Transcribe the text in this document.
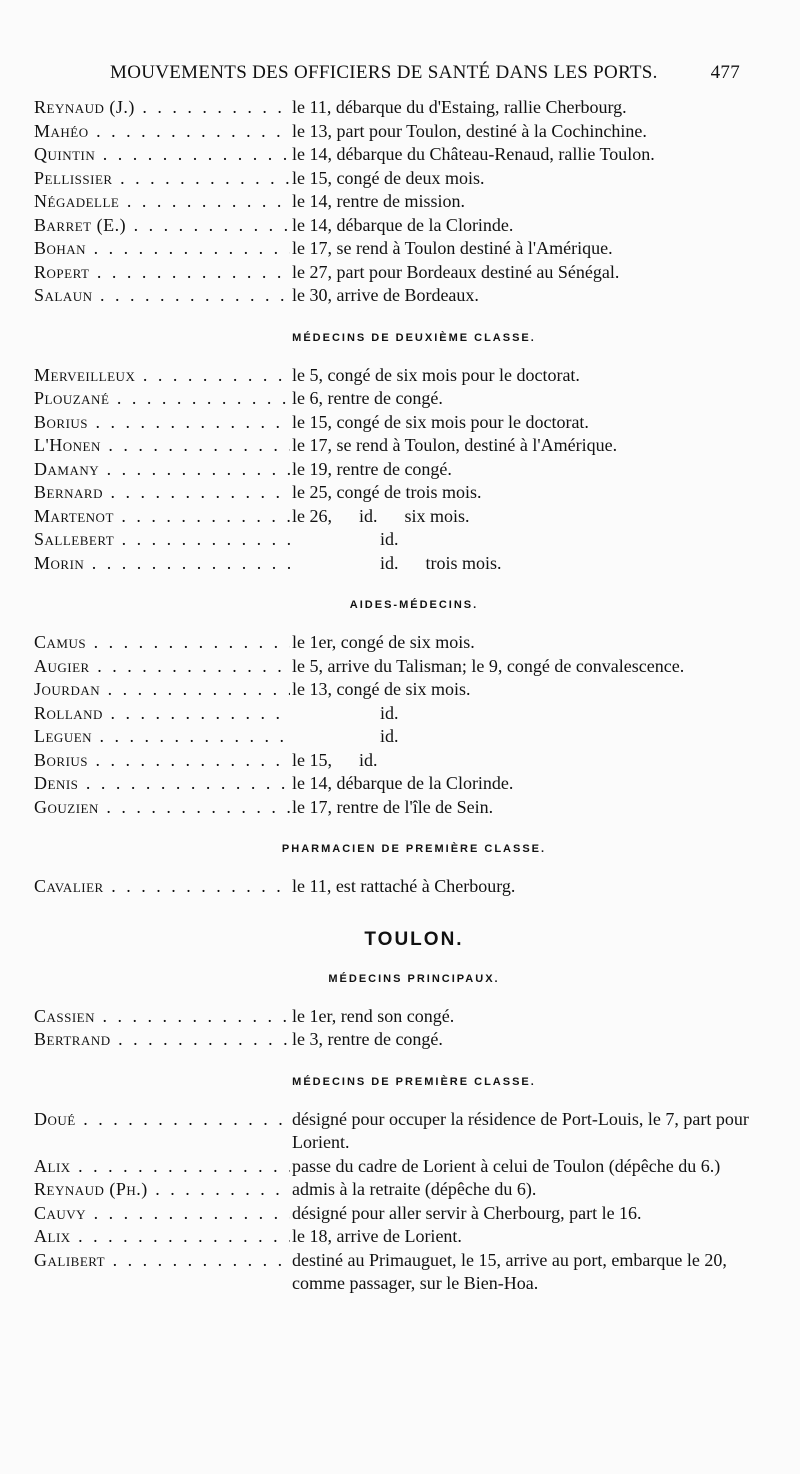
MOUVEMENTS DES OFFICIERS DE SANTÉ DANS LES PORTS.	477
Reynaud (J.) . . .	le 11, débarque du d'Estaing, rallie Cherbourg.
Mahéo . . .	le 13, part pour Toulon, destiné à la Cochinchine.
Quintin . . .	le 14, débarque du Château-Renaud, rallie Toulon.
Pellissier . . .	le 15, congé de deux mois.
Négadelle . . .	le 14, rentre de mission.
Barret (E.) . . .	le 14, débarque de la Clorinde.
Bohan . . .	le 17, se rend à Toulon destiné à l'Amérique.
Ropert . . .	le 27, part pour Bordeaux destiné au Sénégal.
Salaun . . .	le 30, arrive de Bordeaux.
MÉDECINS DE DEUXIÈME CLASSE.
Merveilleux . . .	le 5, congé de six mois pour le doctorat.
Plouzané . . .	le 6, rentre de congé.
Borius . . .	le 15, congé de six mois pour le doctorat.
L'Honen . . .	le 17, se rend à Toulon, destiné à l'Amérique.
Damany . . .	le 19, rentre de congé.
Bernard . . .	le 25, congé de trois mois.
Martenot . . .	le 26,      id.      six mois.
Sallebert . . .	id.
Morin . . .	id.      trois mois.
AIDES-MÉDECINS.
Camus . . .	le 1er, congé de six mois.
Augier . . .	le 5, arrive du Talisman; le 9, congé de convalescence.
Jourdan . . .	le 13, congé de six mois.
Rolland . . .	id.
Leguen . . .	id.
Borius . . .	le 15,      id.
Denis . . .	le 14, débarque de la Clorinde.
Gouzien . . .	le 17, rentre de l'île de Sein.
PHARMACIEN DE PREMIÈRE CLASSE.
Cavalier . . .	le 11, est rattaché à Cherbourg.
TOULON.
MÉDECINS PRINCIPAUX.
Cassien . . .	le 1er, rend son congé.
Bertrand . . .	le 3, rentre de congé.
MÉDECINS DE PREMIÈRE CLASSE.
Doué . . .	désigné pour occuper la résidence de Port-Louis, le 7, part pour Lorient.
Alix . . .	passe du cadre de Lorient à celui de Toulon (dépêche du 6.)
Reynaud (Ph.) . . .	admis à la retraite (dépêche du 6).
Cauvy . . .	désigné pour aller servir à Cherbourg, part le 16.
Alix . . .	le 18, arrive de Lorient.
Galibert . . .	destiné au Primauguet, le 15, arrive au port, embarque le 20, comme passager, sur le Bien-Hoa.
